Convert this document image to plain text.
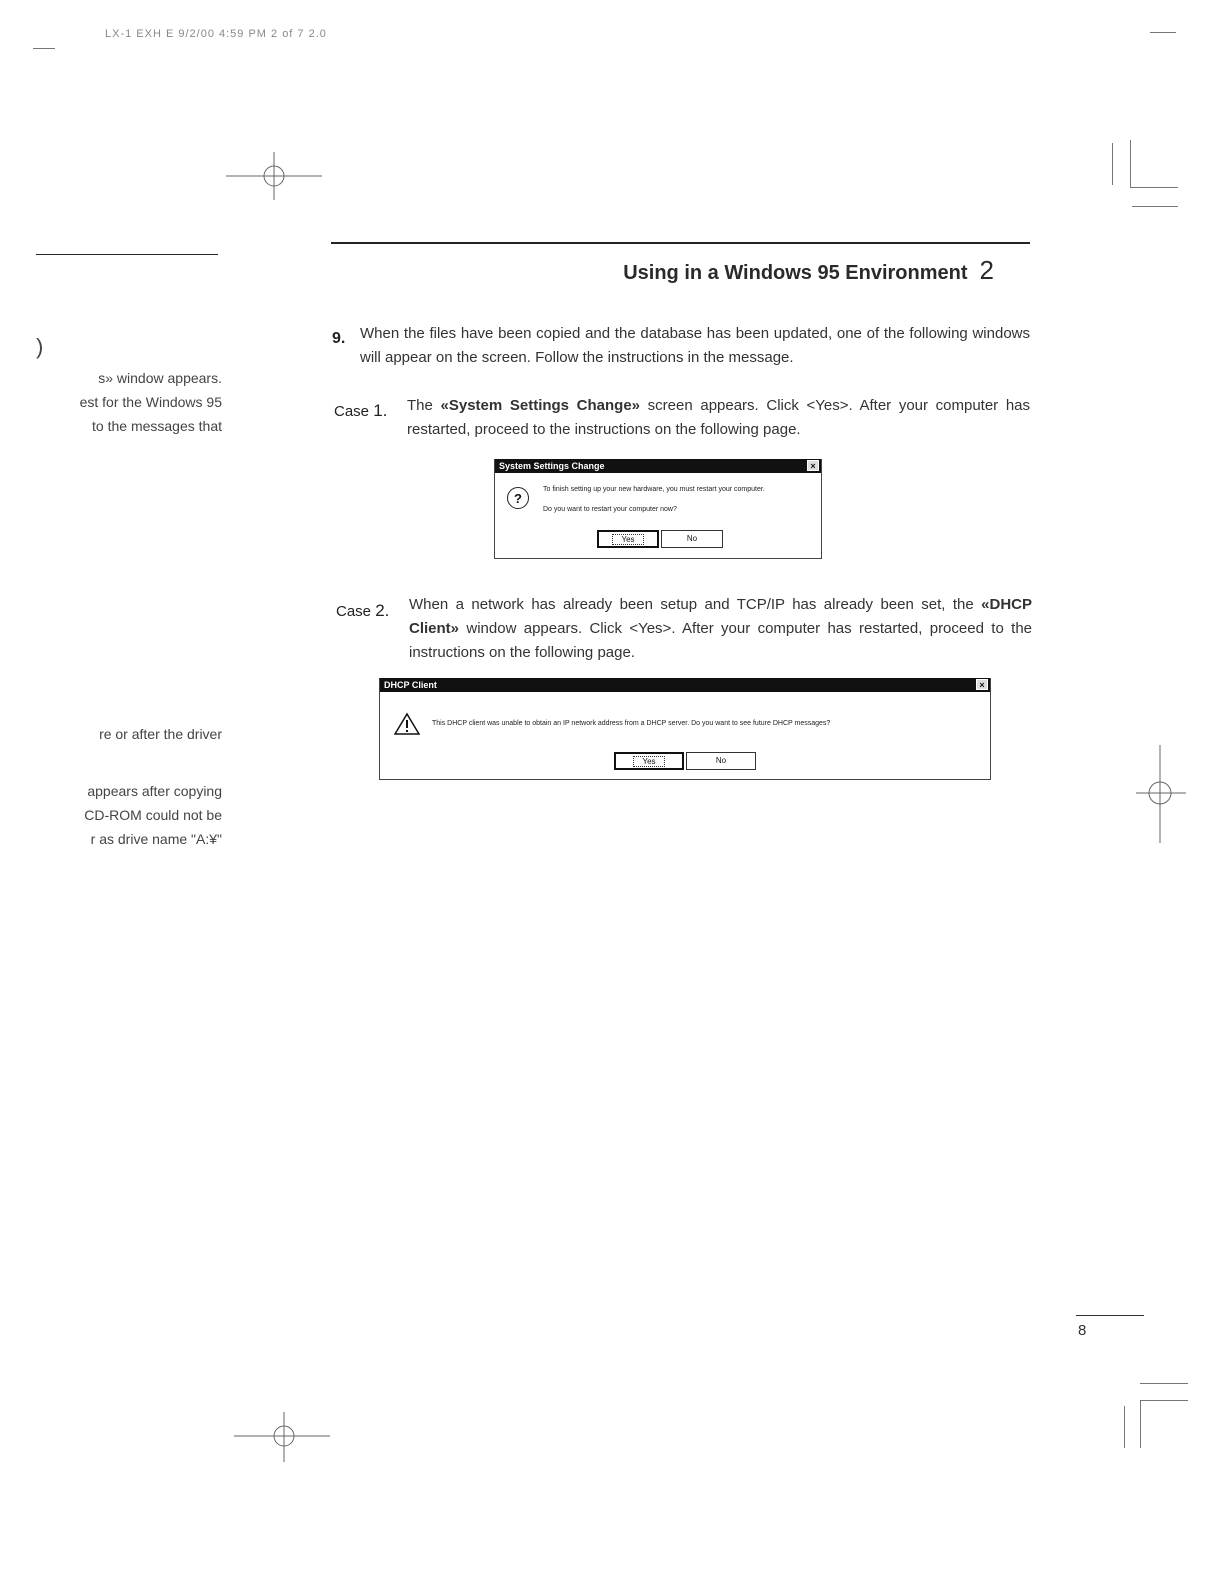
LX-1 EXH E 9/2/00 4:59 PM 2 of 7 2.0
Using in a Windows 95 Environment 2
)
s» window appears.
est for the Windows 95
to the messages that
re or after the driver
appears after copying
CD-ROM could not be
r as drive name "A:¥"
9. When the files have been copied and the database has been updated, one of the following windows will appear on the screen. Follow the instructions in the message.
Case 1. The «System Settings Change» screen appears. Click <Yes>. After your computer has restarted, proceed to the instructions on the following page.
System Settings Change	×
?
To finish setting up your new hardware, you must restart your computer.
Do you want to restart your computer now?
Yes	No
Case 2. When a network has already been setup and TCP/IP has already been set, the «DHCP Client» window appears. Click <Yes>. After your computer has restarted, proceed to the instructions on the following page.
DHCP Client	×
This DHCP client was unable to obtain an IP network address from a DHCP server. Do you want to see future DHCP messages?
Yes	No
8
